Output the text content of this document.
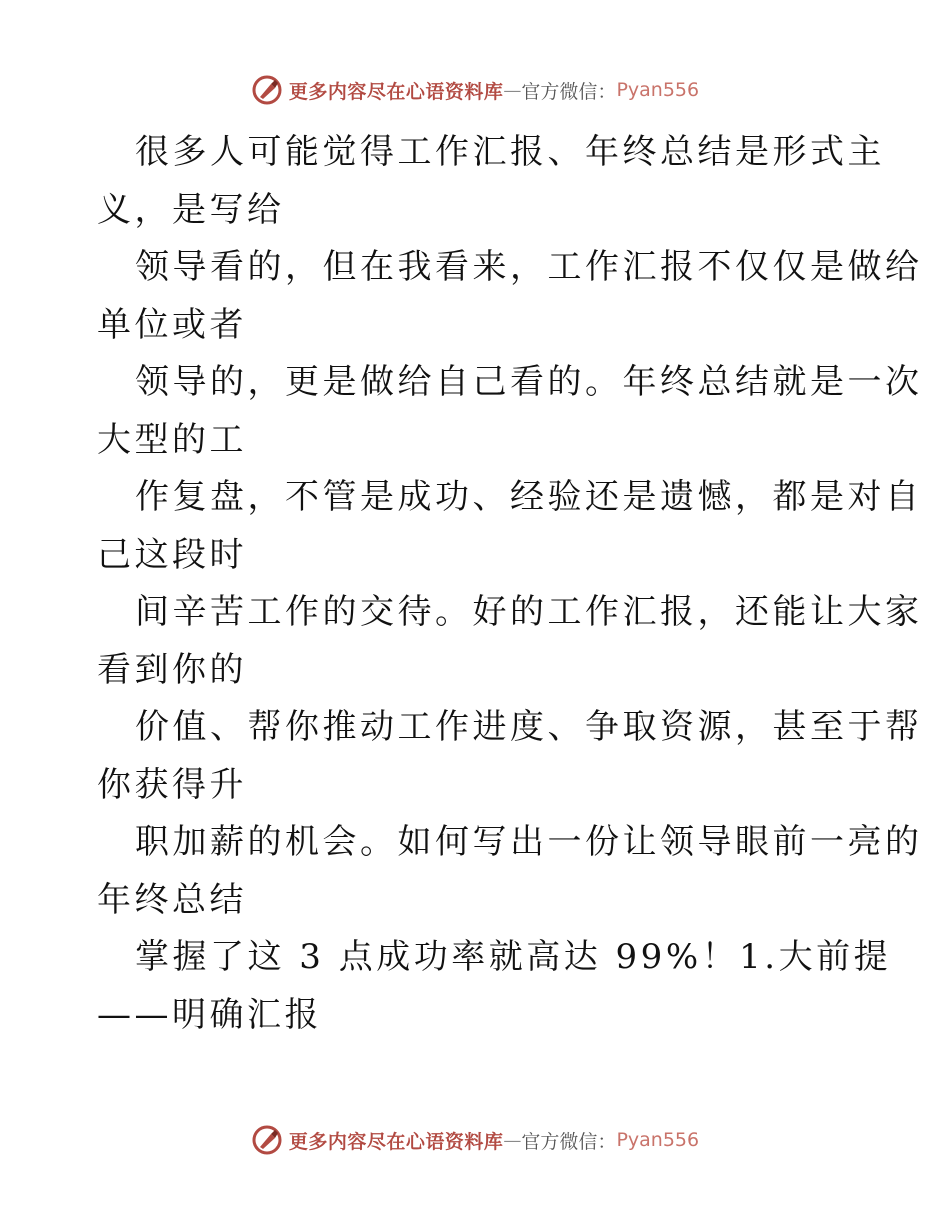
更多内容尽在心语资料库 — 官方微信： Pyan556

很多人可能觉得工作汇报、年终总结是形式主
义，是写给

领导看的，但在我看来，工作汇报不仅仅是做给
单位或者

领导的，更是做给自己看的。年终总结就是一次
大型的工

作复盘，不管是成功、经验还是遗憾，都是对自
己这段时

间辛苦工作的交待。好的工作汇报，还能让大家
看到你的

价值、帮你推动工作进度、争取资源，甚至于帮
你获得升

职加薪的机会。如何写出一份让领导眼前一亮的
年终总结

掌握了这 3 点成功率就高达 99%！1.大前提
——明确汇报

更多内容尽在心语资料库 — 官方微信： Pyan556
